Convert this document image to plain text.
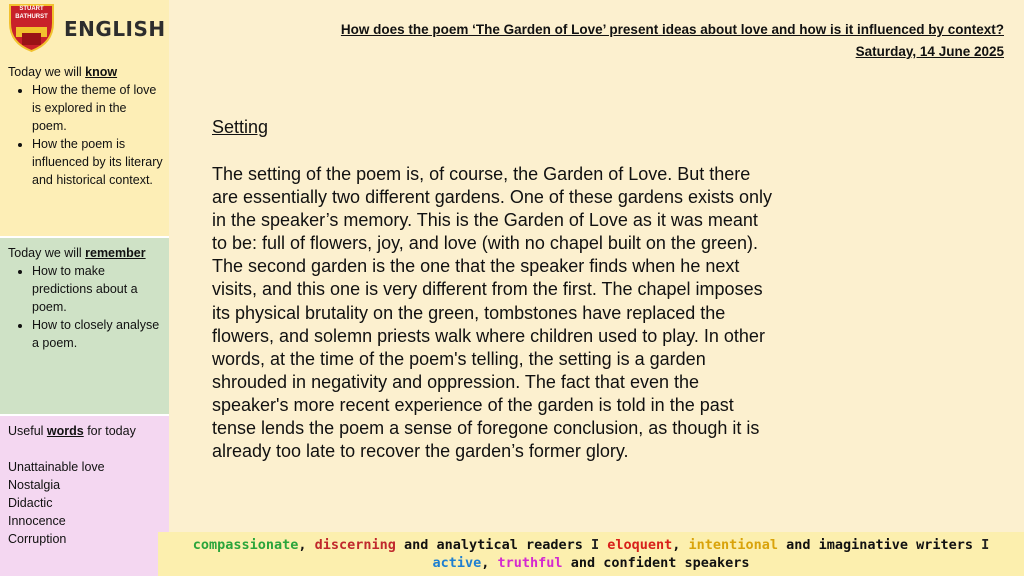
STUART BATHURST ENGLISH
Today we will know
• How the theme of love is explored in the poem.
• How the poem is influenced by its literary and historical context.
Today we will remember
• How to make predictions about a poem.
• How to closely analyse a poem.
Useful words for today
Unattainable love
Nostalgia
Didactic
Innocence
Corruption
How does the poem ‘The Garden of Love’ present ideas about love and how is it influenced by context?
Saturday, 14 June 2025
Setting

The setting of the poem is, of course, the Garden of Love. But there are essentially two different gardens. One of these gardens exists only in the speaker’s memory. This is the Garden of Love as it was meant to be: full of flowers, joy, and love (with no chapel built on the green).

The second garden is the one that the speaker finds when he next visits, and this one is very different from the first. The chapel imposes its physical brutality on the green, tombstones have replaced the flowers, and solemn priests walk where children used to play. In other words, at the time of the poem's telling, the setting is a garden shrouded in negativity and oppression. The fact that even the speaker's more recent experience of the garden is told in the past tense lends the poem a sense of foregone conclusion, as though it is already too late to recover the garden’s former glory.

compassionate, discerning and analytical readers I eloquent, intentional and imaginative writers I
active, truthful and confident speakers
